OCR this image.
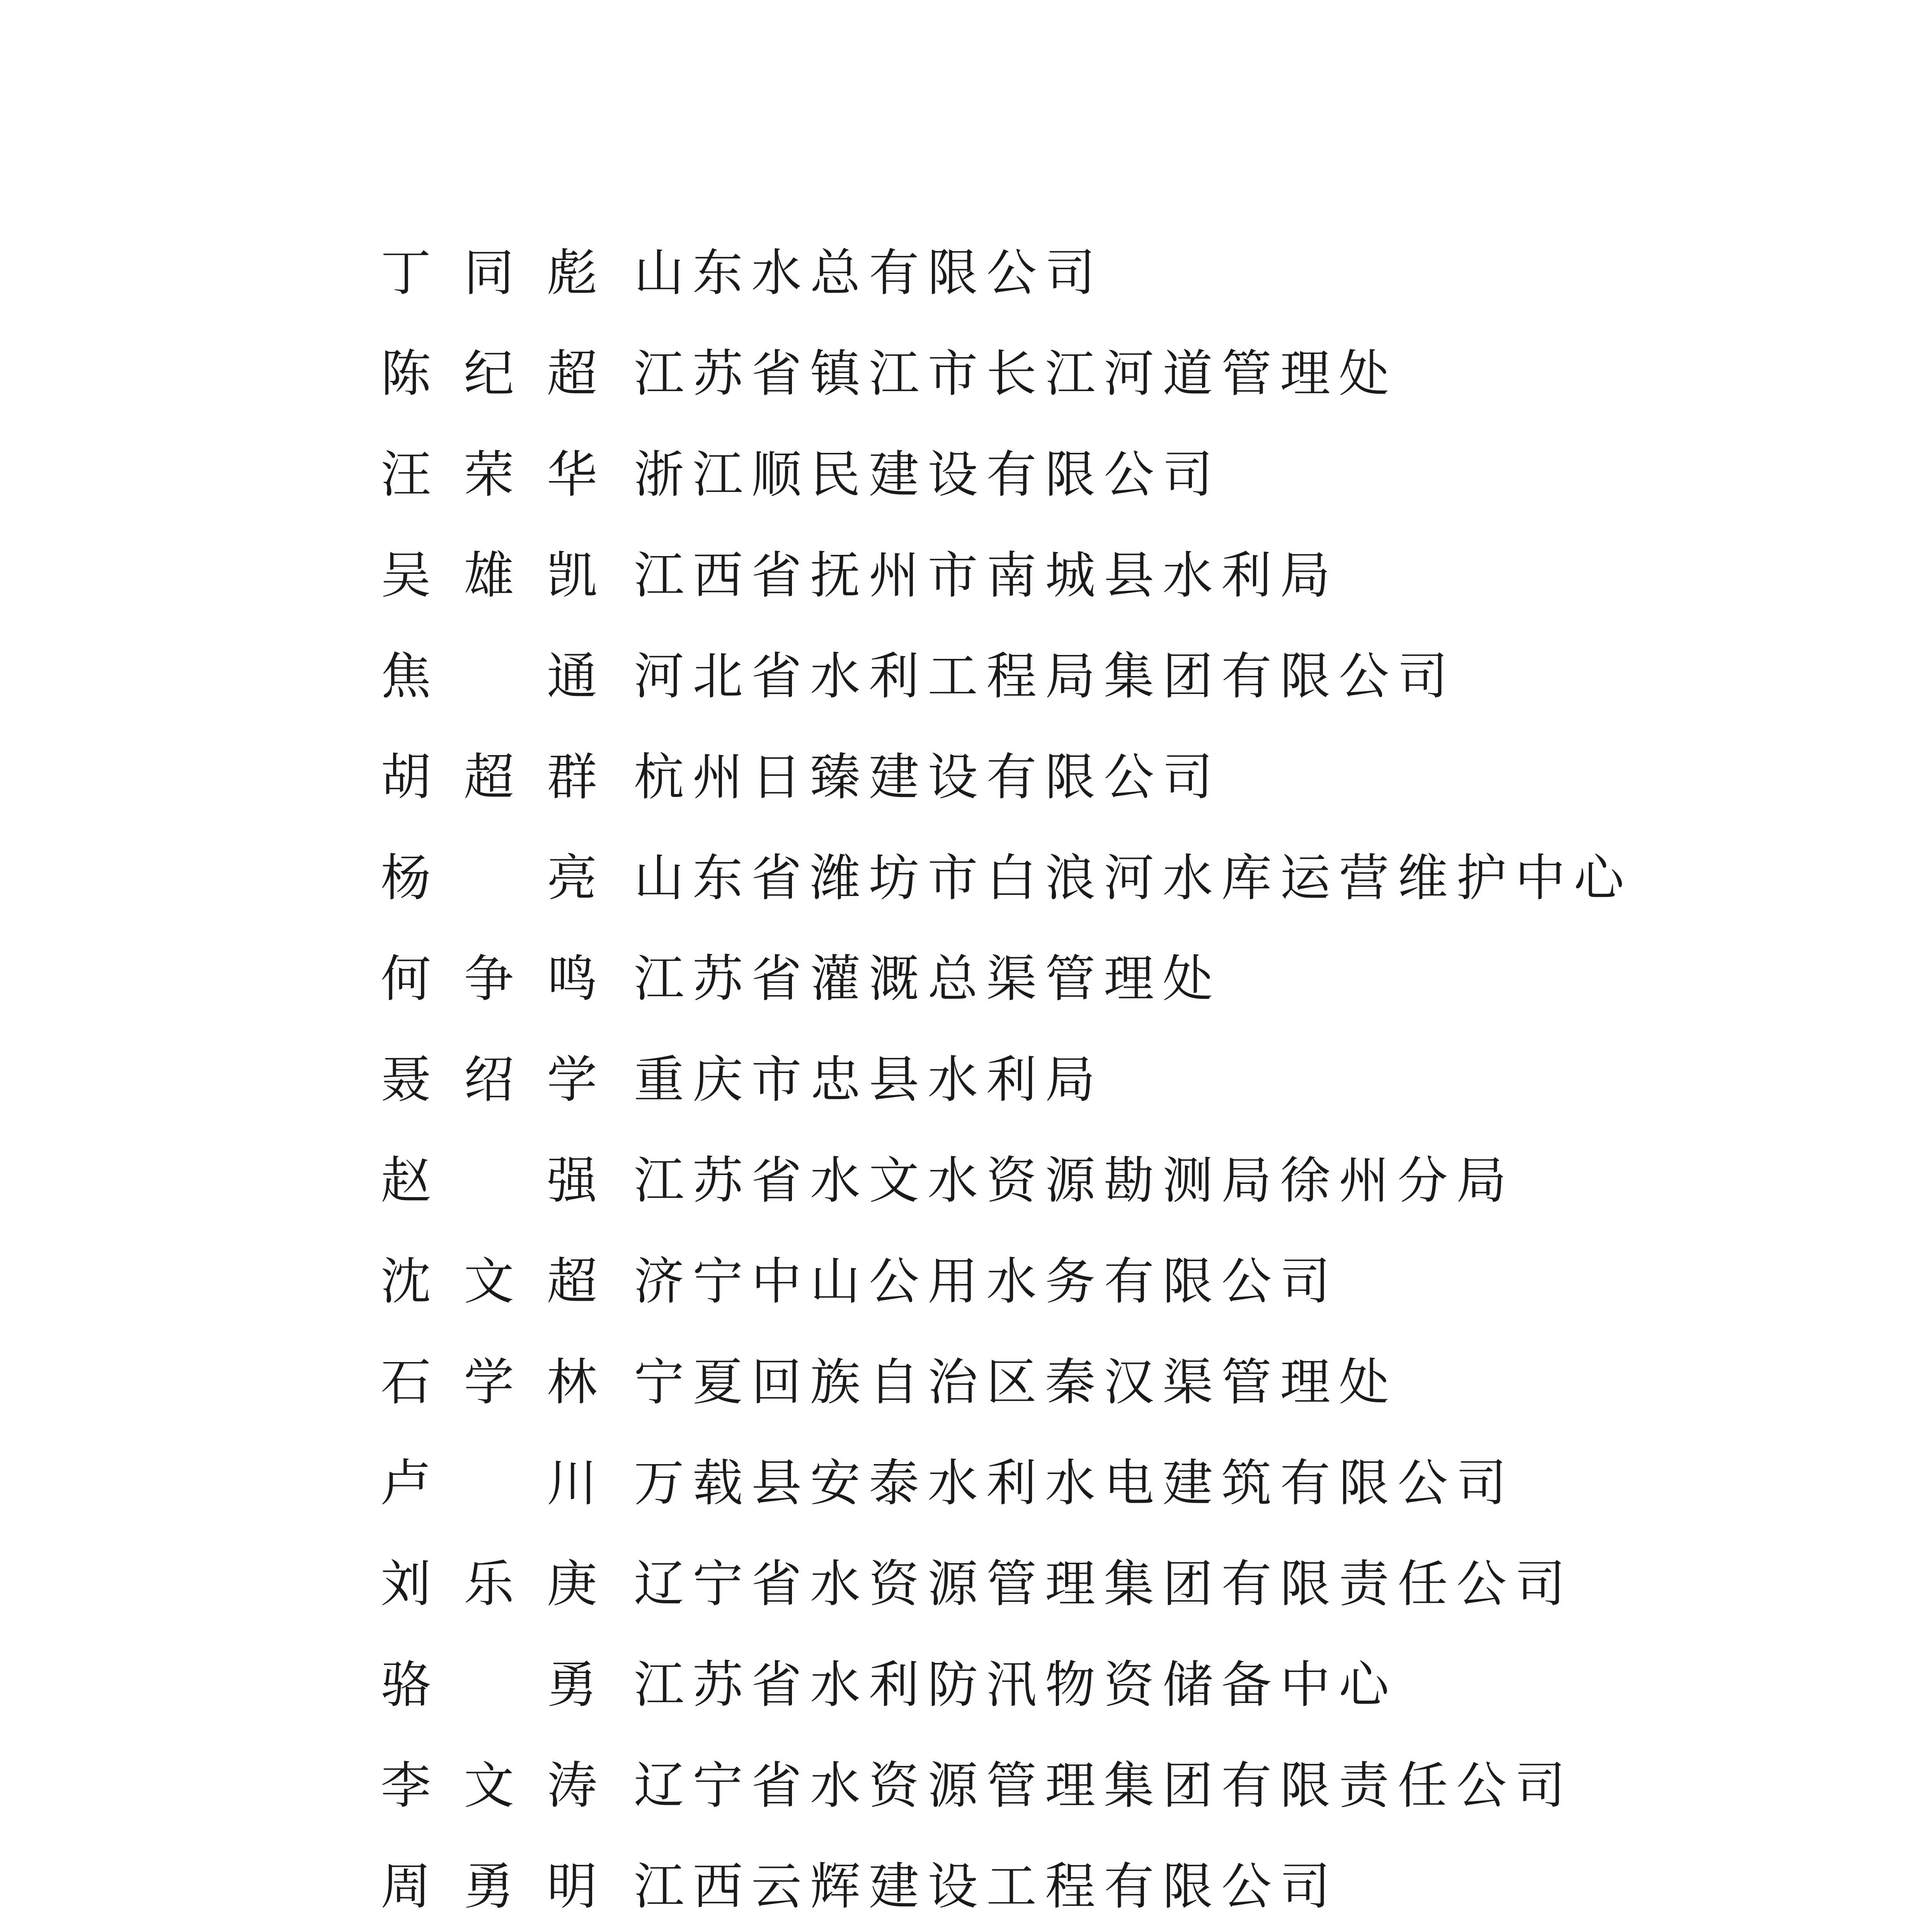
丁 同 彪 山东水总有限公司
陈 纪 超 江苏省镇江市长江河道管理处
汪 荣 华 浙江顺民建设有限公司
吴 雄 凯 江西省抚州市南城县水利局
焦
　 通 河北省水利工程局集团有限公司
胡 超 群 杭州日臻建设有限公司
杨
　 亮 山东省潍坊市白浪河水库运营维护中心
何 争 鸣 江苏省灌溉总渠管理处
聂 绍 学 重庆市忠县水利局
赵
　 强 江苏省水文水资源勘测局徐州分局
沈 文 超 济宁中山公用水务有限公司
石 学 林 宁夏回族自治区秦汉渠管理处
卢
　 川 万载县安泰水利水电建筑有限公司
刘 乐 庚 辽宁省水资源管理集团有限责任公司
骆
　 勇 江苏省水利防汛物资储备中心
李 文 涛 辽宁省水资源管理集团有限责任公司
周 勇 明 江西云辉建设工程有限公司
